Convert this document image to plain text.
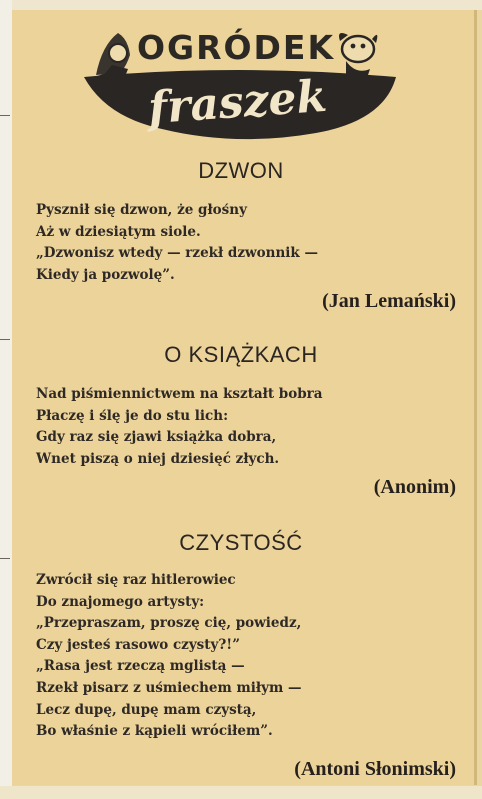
OGRÓDEK
fraszek
DZWON
Pysznił się dzwon, że głośny
Aż w dziesiątym siole.
„Dzwonisz wtedy — rzekł dzwonnik —
Kiedy ja pozwolę”.
(Jan Lemański)
O KSIĄŻKACH
Nad piśmiennictwem na kształt bobra
Płaczę i ślę je do stu lich:
Gdy raz się zjawi książka dobra,
Wnet piszą o niej dziesięć złych.
(Anonim)
CZYSTOŚĆ
Zwrócił się raz hitlerowiec
Do znajomego artysty:
„Przepraszam, proszę cię, powiedz,
Czy jesteś rasowo czysty?!”
„Rasa jest rzeczą mglistą —
Rzekł pisarz z uśmiechem miłym —
Lecz dupę, dupę mam czystą,
Bo właśnie z kąpieli wróciłem”.
(Antoni Słonimski)
